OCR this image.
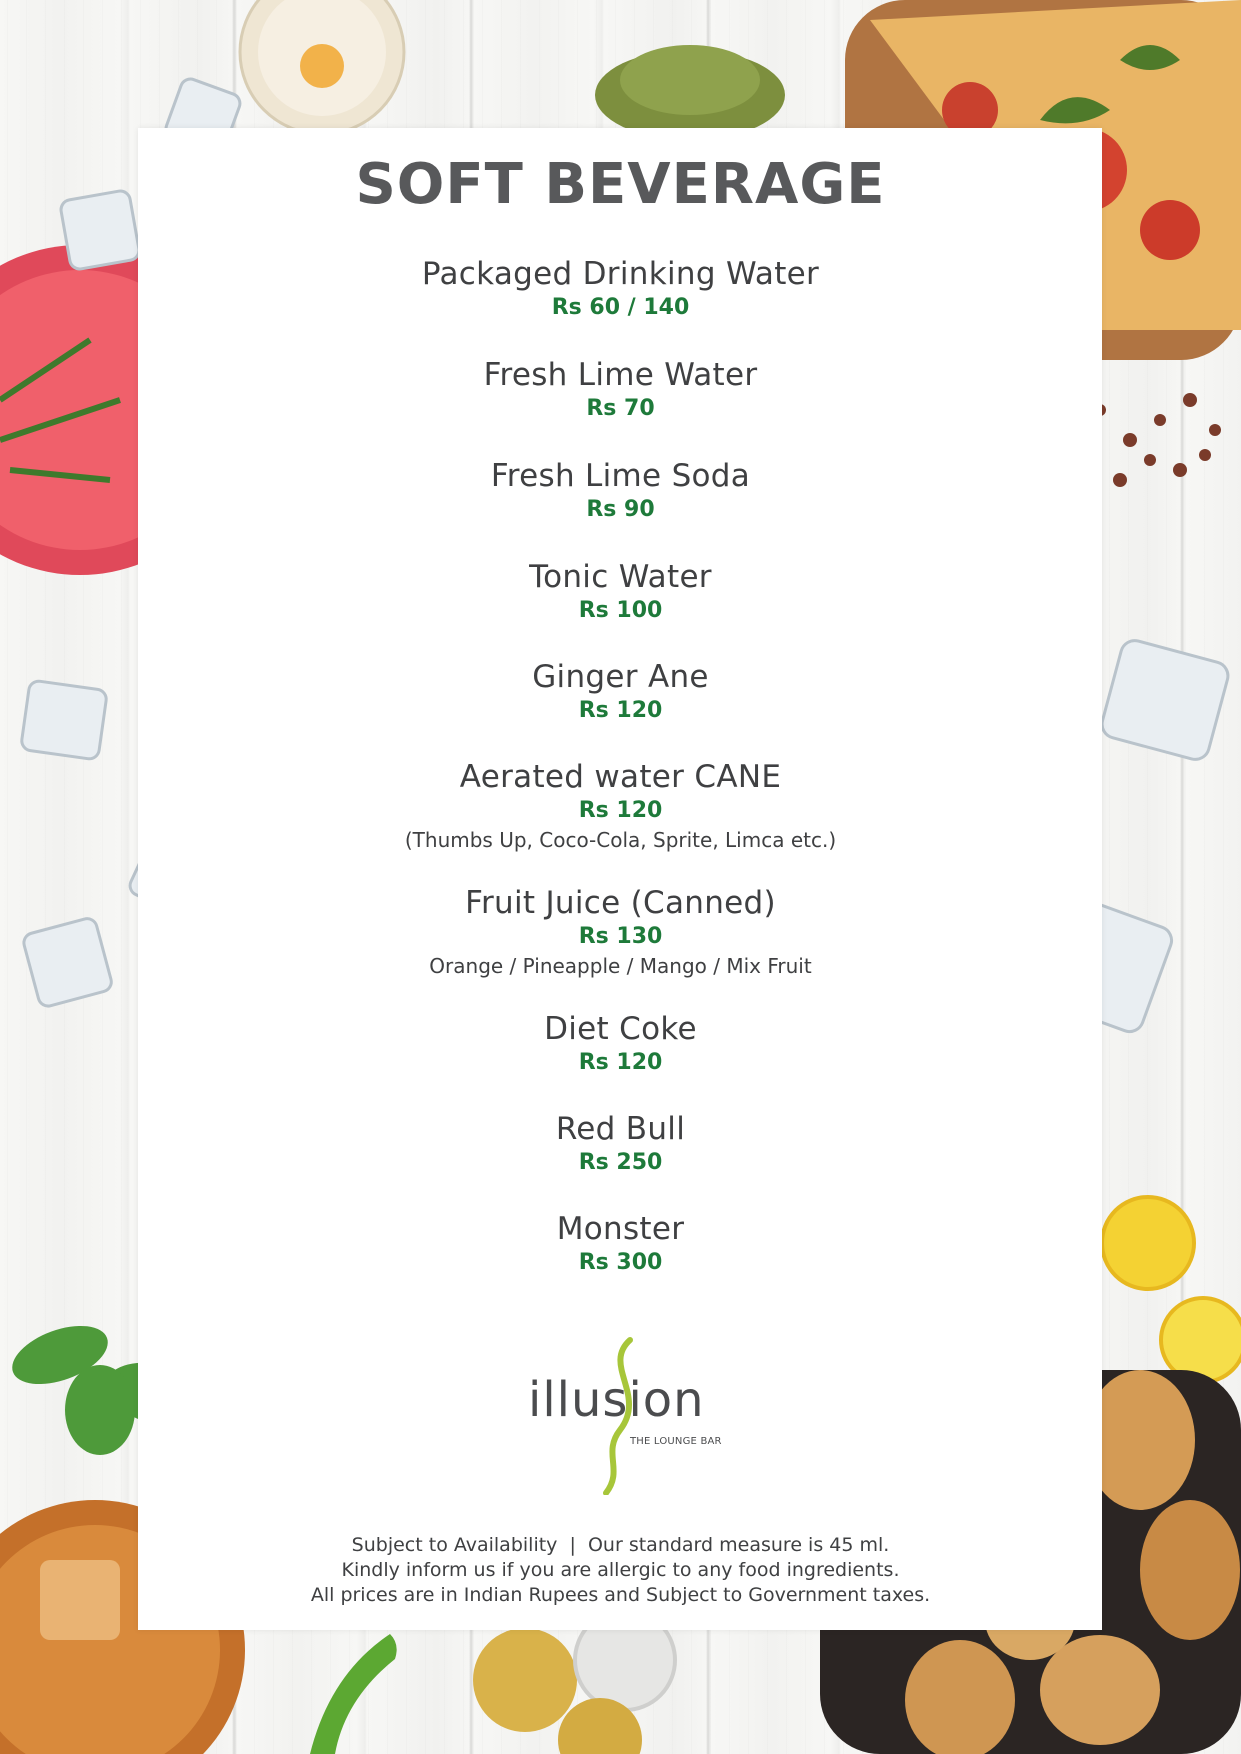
SOFT BEVERAGE
Packaged Drinking Water
Rs 60 / 140
Fresh Lime Water
Rs 70
Fresh Lime Soda
Rs 90
Tonic Water
Rs 100
Ginger Ane
Rs 120
Aerated water CANE
Rs 120
(Thumbs Up, Coco-Cola, Sprite, Limca etc.)
Fruit Juice (Canned)
Rs 130
Orange / Pineapple / Mango / Mix Fruit
Diet Coke
Rs 120
Red Bull
Rs 250
Monster
Rs 300
illusion
THE LOUNGE BAR
Subject to Availability  |  Our standard measure is 45 ml.
Kindly inform us if you are allergic to any food ingredients.
All prices are in Indian Rupees and Subject to Government taxes.
